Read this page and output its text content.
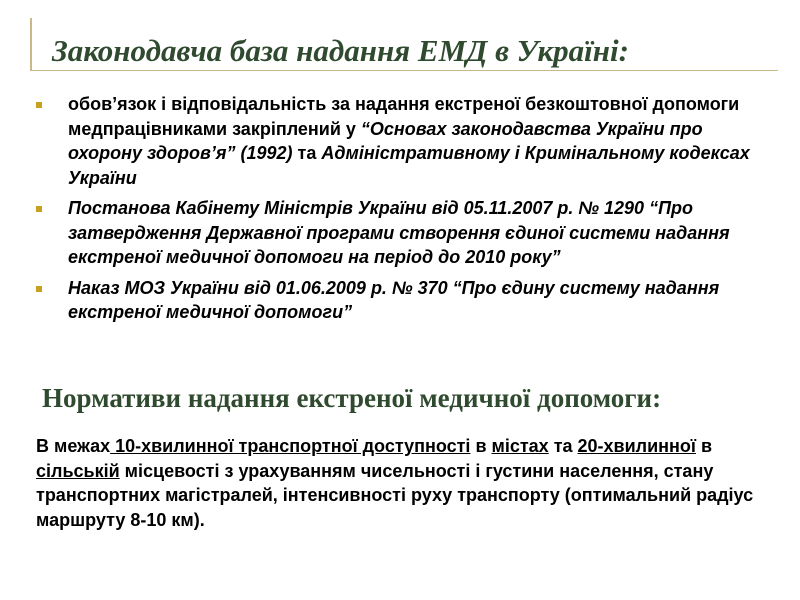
Законодавча база надання ЕМД в Україні:
обов’язок і відповідальність за надання екстреної безкоштовної допомоги медпрацівниками закріплений у “Основах законодавства України про охорону здоров’я” (1992) та Адміністративному і Кримінальному кодексах України
Постанова Кабінету Міністрів України від 05.11.2007 р. № 1290 “Про затвердження Державної програми створення єдиної системи надання екстреної медичної допомоги на період до 2010 року”
Наказ МОЗ України від 01.06.2009 р. № 370 “Про єдину систему надання екстреної медичної допомоги”
Нормативи надання екстреної медичної допомоги:

В межах 10-хвилинної транспортної доступності в містах та 20-хвилинної в сільській місцевості з урахуванням чисельності і густини населення, стану транспортних магістралей, інтенсивності руху транспорту (оптимальний радіус маршруту 8-10 км).
